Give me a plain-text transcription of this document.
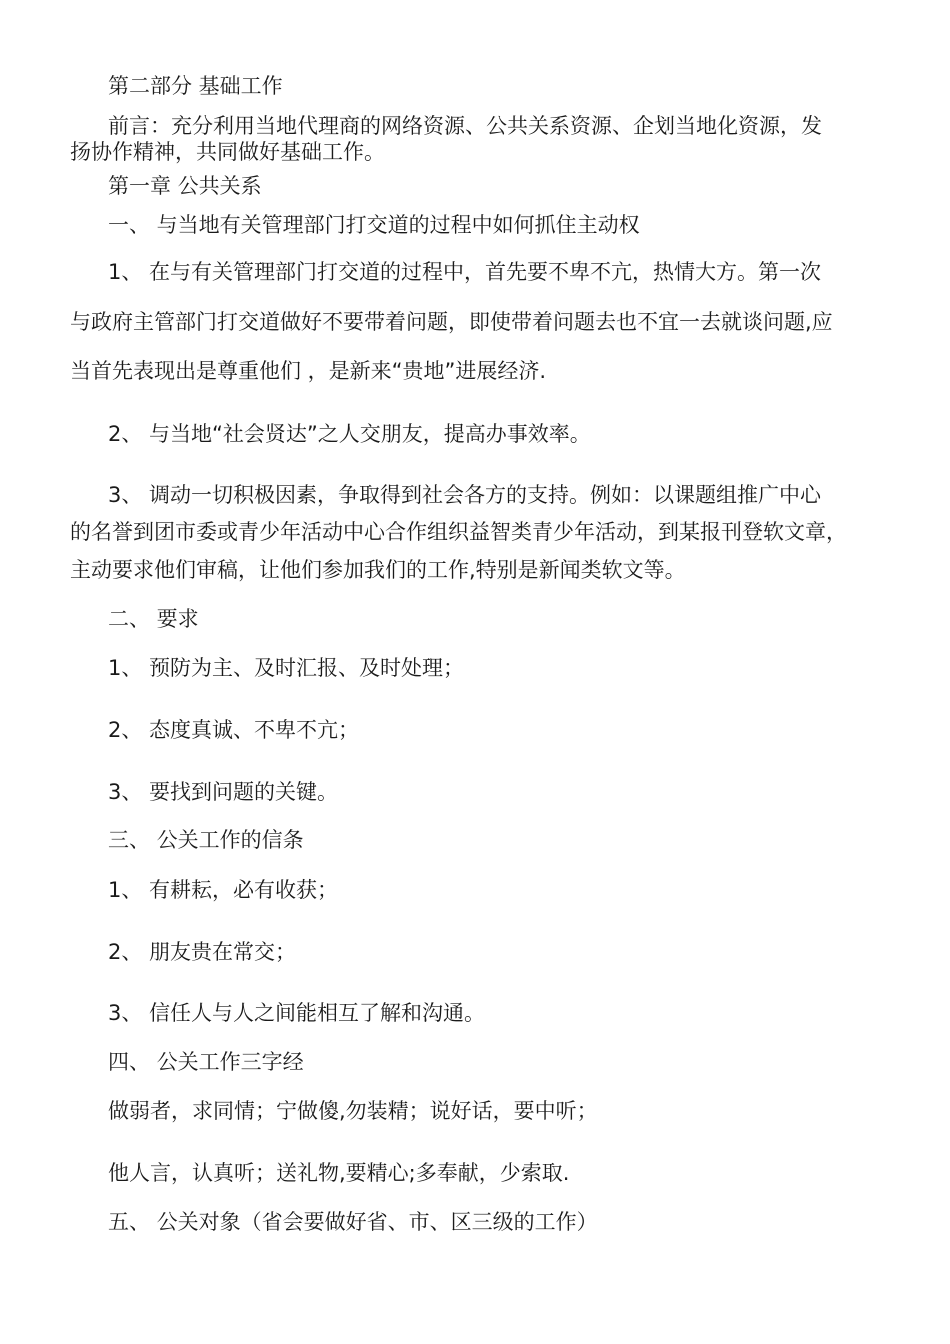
第二部分 基础工作
前言：充分利用当地代理商的网络资源、公共关系资源、企划当地化资源，发
扬协作精神，共同做好基础工作。
第一章 公共关系
一、 与当地有关管理部门打交道的过程中如何抓住主动权
1、 在与有关管理部门打交道的过程中，首先要不卑不亢，热情大方。第一次
与政府主管部门打交道做好不要带着问题，即使带着问题去也不宜一去就谈问题,应
当首先表现出是尊重他们 ，是新来“贵地”进展经济.
2、 与当地“社会贤达”之人交朋友，提高办事效率。
3、 调动一切积极因素，争取得到社会各方的支持。例如：以课题组推广中心
的名誉到团市委或青少年活动中心合作组织益智类青少年活动，到某报刊登软文章，
主动要求他们审稿，让他们参加我们的工作,特别是新闻类软文等。
二、 要求
1、 预防为主、及时汇报、及时处理；
2、 态度真诚、不卑不亢；
3、 要找到问题的关键。
三、 公关工作的信条
1、 有耕耘，必有收获；
2、 朋友贵在常交；
3、 信任人与人之间能相互了解和沟通。
四、 公关工作三字经
做弱者，求同情；宁做傻,勿装精；说好话，要中听；
他人言，认真听；送礼物,要精心;多奉献，少索取.
五、 公关对象（省会要做好省、市、区三级的工作）
